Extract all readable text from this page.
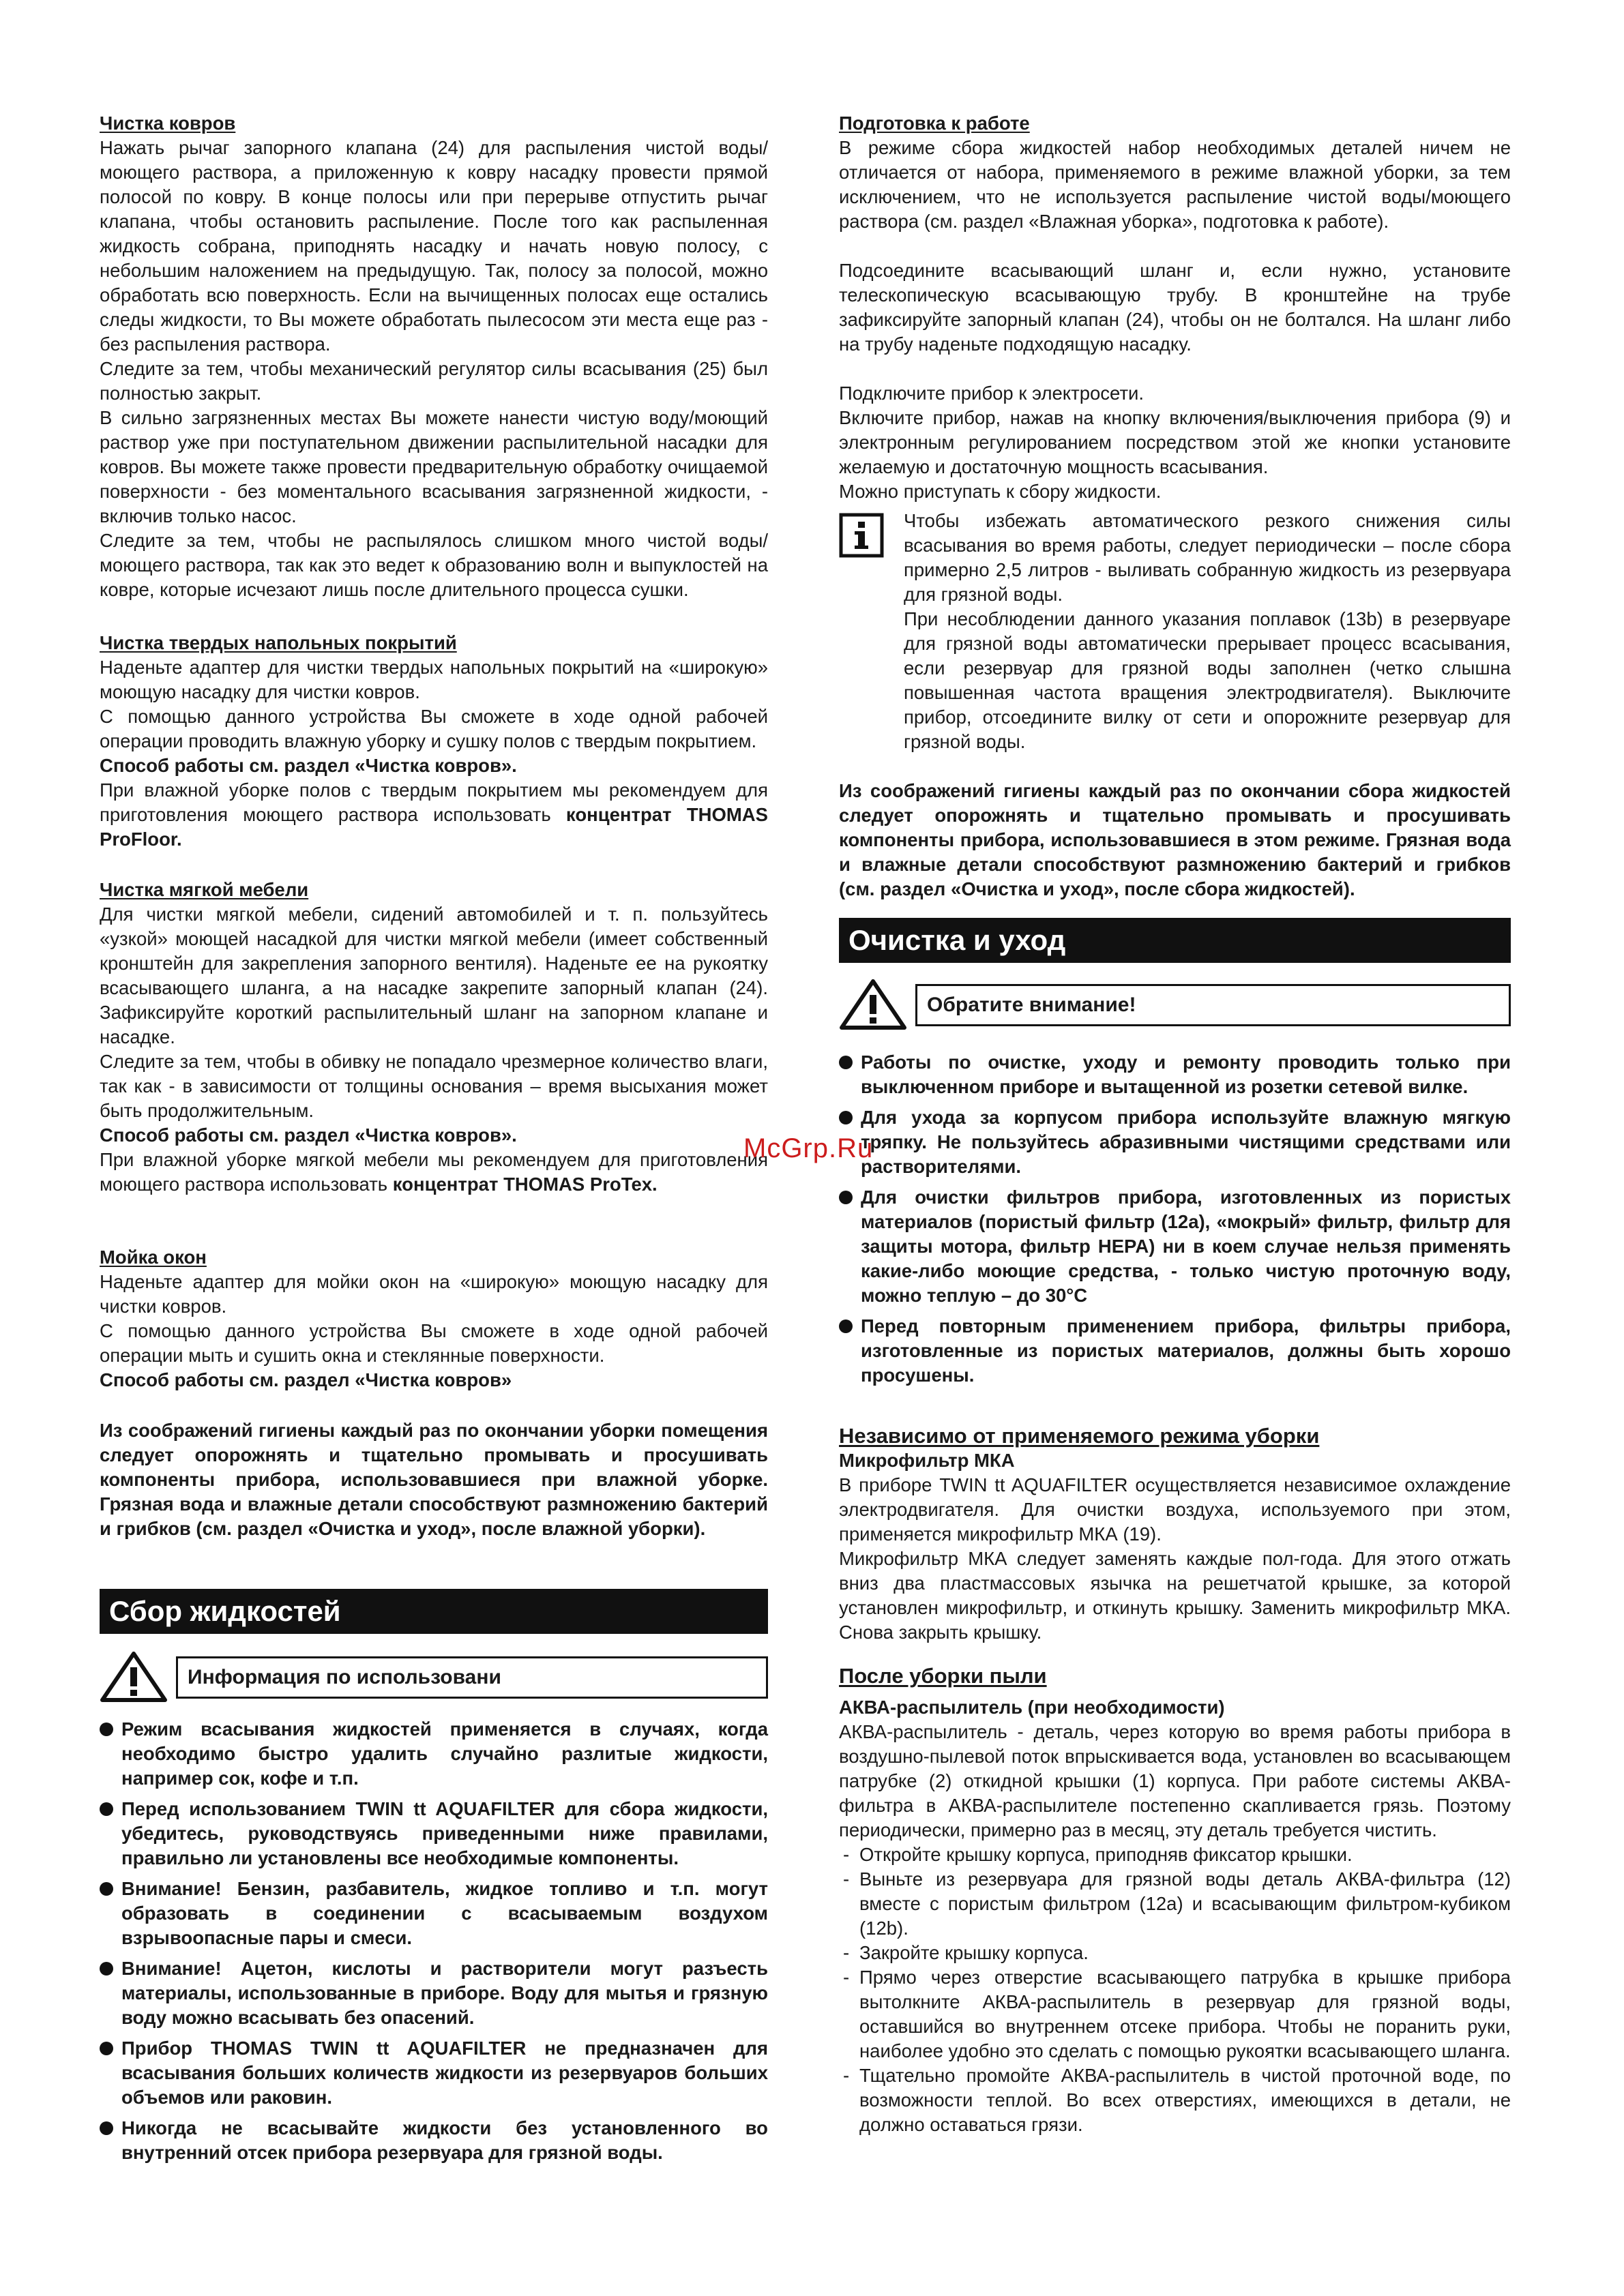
Чистка ковров

Нажать рычаг запорного клапана (24) для распыления чистой воды/ моющего раствора, а приложенную к ковру насадку провести прямой полосой по ковру. В конце полосы или при перерыве отпустить рычаг клапана, чтобы остановить распыление. После того как распыленная жидкость собрана, приподнять насадку и начать новую полосу, с небольшим наложением на предыдущую. Так, полосу за полосой, можно обработать всю поверхность. Если на вычищенных полосах еще остались следы жидкости, то Вы можете обработать пылесосом эти места еще раз - без распыления раствора.

Следите за тем, чтобы механический регулятор силы всасывания (25) был полностью закрыт.

В сильно загрязненных местах Вы можете нанести чистую воду/моющий раствор уже при поступательном движении распылительной насадки для ковров. Вы можете также провести предварительную обработку очищаемой поверхности - без моментального всасывания загрязненной жидкости, - включив только насос.

Следите за тем, чтобы не распылялось слишком много чистой воды/ моющего раствора, так как это ведет к образованию волн и выпуклостей на ковре, которые исчезают лишь после длительного процесса сушки.

Чистка твердых напольных покрытий

Наденьте адаптер для чистки твердых напольных покрытий на «широкую» моющую насадку для чистки ковров.

С помощью данного устройства Вы сможете в ходе одной рабочей операции проводить влажную уборку и сушку полов с твердым покрытием.

Способ работы см. раздел «Чистка ковров».

При влажной уборке полов с твердым покрытием мы рекомендуем для приготовления моющего раствора использовать концентрат THOMAS ProFloor.

Чистка мягкой мебели

Для чистки мягкой мебели, сидений автомобилей и т. п. пользуйтесь «узкой» моющей насадкой для чистки мягкой мебели (имеет собственный кронштейн для закрепления запорного вентиля). Наденьте ее на рукоятку всасывающего шланга, а на насадке закрепите запорный клапан (24). Зафиксируйте короткий распылительный шланг на запорном клапане и насадке.

Следите за тем, чтобы в обивку не попадало чрезмерное количество влаги, так как - в зависимости от толщины основания – время высыхания может быть продолжительным.

Способ работы см. раздел «Чистка ковров».

При влажной уборке мягкой мебели мы рекомендуем для приготовления моющего раствора использовать концентрат THOMAS ProTex.

Мойка окон

Наденьте адаптер для мойки окон на «широкую» моющую насадку для чистки ковров.

С помощью данного устройства Вы сможете в ходе одной рабочей операции мыть и сушить окна и стеклянные поверхности.

Способ работы см. раздел «Чистка ковров»

Из соображений гигиены каждый раз по окончании уборки помещения следует опорожнять и тщательно промывать и просушивать компоненты прибора, использовавшиеся при влажной уборке. Грязная вода и влажные детали способствуют размножению бактерий и грибков (см. раздел «Очистка и уход», после влажной уборки).

Сбор жидкостей
Информация по использовани
Режим всасывания жидкостей применяется в случаях, когда необходимо быстро удалить случайно разлитые жидкости, например сок, кофе и т.п.
Перед использованием TWIN tt AQUAFILTER для сбора жидкости, убедитесь, руководствуясь приведенными ниже правилами, правильно ли установлены все необходимые компоненты.
Внимание! Бензин, разбавитель, жидкое топливо и т.п. могут образовать в соединении с всасываемым воздухом взрывоопасные пары и смеси.
Внимание! Ацетон, кислоты и растворители могут разъесть материалы, использованные в приборе. Воду для мытья и грязную воду можно всасывать без опасений.
Прибор THOMAS TWIN tt AQUAFILTER не предназначен для всасывания больших количеств жидкости из резервуаров больших объемов или раковин.
Никогда не всасывайте жидкости без установленного во внутренний отсек прибора резервуара для грязной воды.
Подготовка к работе

В режиме сбора жидкостей набор необходимых деталей ничем не отличается от набора, применяемого в режиме влажной уборки, за тем исключением, что не используется распыление чистой воды/моющего раствора (см. раздел «Влажная уборка», подготовка к работе).

Подсоедините всасывающий шланг и, если нужно, установите телескопическую всасывающую трубу. В кронштейне на трубе зафиксируйте запорный клапан (24), чтобы он не болтался. На шланг либо на трубу наденьте подходящую насадку.

Подключите прибор к электросети.

Включите прибор, нажав на кнопку включения/выключения прибора (9) и электронным регулированием посредством этой же кнопки установите желаемую и достаточную мощность всасывания.

Можно приступать к сбору жидкости.

Чтобы избежать автоматического резкого снижения силы всасывания во время работы, следует периодически – после сбора примерно 2,5 литров - выливать собранную жидкость из резервуара для грязной воды.

При несоблюдении данного указания поплавок (13b) в резервуаре для грязной воды автоматически прерывает процесс всасывания, если резервуар для грязной воды заполнен (четко слышна повышенная частота вращения электродвигателя). Выключите прибор, отсоедините вилку от сети и опорожните резервуар для грязной воды.

Из соображений гигиены каждый раз по окончании сбора жидкостей следует опорожнять и тщательно промывать и просушивать компоненты прибора, использовавшиеся в этом режиме. Грязная вода и влажные детали способствуют размножению бактерий и грибков (см. раздел «Очистка и уход», после сбора жидкостей).

Очистка и уход
Обратите внимание!
Работы по очистке, уходу и ремонту проводить только при выключенном приборе и вытащенной из розетки сетевой вилке.
Для ухода за корпусом прибора используйте влажную мягкую тряпку. Не пользуйтесь абразивными чистящими средствами или растворителями.
Для очистки фильтров прибора, изготовленных из пористых материалов (пористый фильтр (12a), «мокрый» фильтр, фильтр для защиты мотора, фильтр HEPA) ни в коем случае нельзя применять какие-либо моющие средства, - только чистую проточную воду, можно теплую – до 30°C
Перед повторным применением прибора, фильтры прибора, изготовленные из пористых материалов, должны быть хорошо просушены.
Независимо от применяемого режима уборки
Микрофильтр МКА

В приборе TWIN tt AQUAFILTER осуществляется независимое охлаждение электродвигателя. Для очистки воздуха, используемого при этом, применяется микрофильтр МКА (19).

Микрофильтр МКА следует заменять каждые пол-года. Для этого отжать вниз два пластмассовых язычка на решетчатой крышке, за которой установлен микрофильтр, и откинуть крышку. Заменить микрофильтр МКА. Снова закрыть крышку.

После уборки пыли
АКВА-распылитель (при необходимости)

АКВА-распылитель - деталь, через которую во время работы прибора в воздушно-пылевой поток впрыскивается вода, установлен во всасывающем патрубке (2) откидной крышки (1) корпуса. При работе системы АКВА-фильтра в АКВА-распылителе постепенно скапливается грязь. Поэтому периодически, примерно раз в месяц, эту деталь требуется чистить.

- Откройте крышку корпуса, приподняв фиксатор крышки.
- Выньте из резервуара для грязной воды деталь АКВА-фильтра (12) вместе с пористым фильтром (12a) и всасывающим фильтром-кубиком (12b).
- Закройте крышку корпуса.
- Прямо через отверстие всасывающего патрубка в крышке прибора вытолкните АКВА-распылитель в резервуар для грязной воды, оставшийся во внутреннем отсеке прибора. Чтобы не поранить руки, наиболее удобно это сделать с помощью рукоятки всасывающего шланга.
- Тщательно промойте АКВА-распылитель в чистой проточной воде, по возможности теплой. Во всех отверстиях, имеющихся в детали, не должно оставаться грязи.
McGrp.Ru
